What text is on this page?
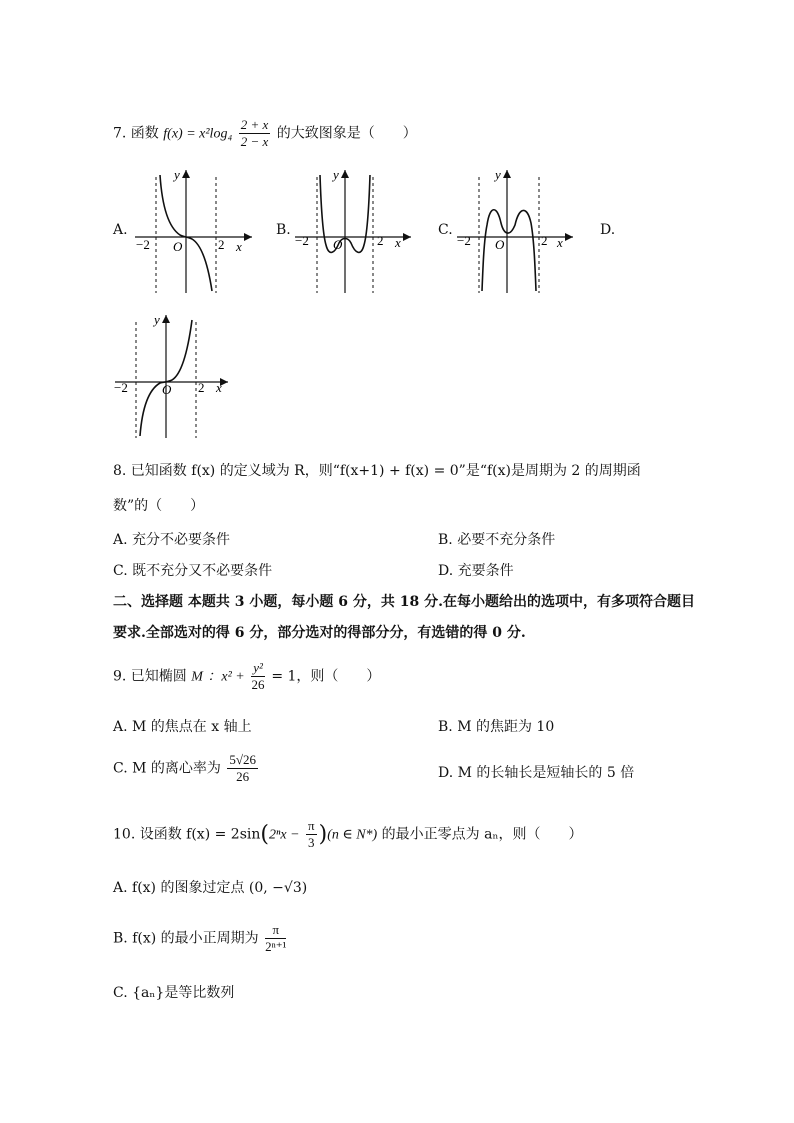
7. 函数 $f(x) = x^2\log_4 \frac{2 + x}{2 - x}$ 的大致图象是（　　）
A.	B.	C.	D.
y
x
O
−2	2
y
x
O
−2	2
y
x
O
−2	2
y
x
O
−2	2
8. 已知函数 f(x) 的定义域为 R，则“f(x+1) + f(x) = 0”是“f(x)是周期为 2 的周期函
数”的（　　）
A. 充分不必要条件	B. 必要不充分条件
C. 既不充分又不必要条件	D. 充要条件
二、选择题 本题共 3 小题，每小题 6 分，共 18 分.在每小题给出的选项中，有多项符合题目
要求.全部选对的得 6 分，部分选对的得部分分，有选错的得 0 分.
9. 已知椭圆 M ：$x^2 + \frac{\text{y²}}{26} = 1$，则（　　）
A. M 的焦点在 x 轴上	B. M 的焦距为 10
C. M 的离心率为 $\frac{5√26}{26}$	D. M 的长轴长是短轴长的 5 倍
10. 设函数 $f(x) = 2\sin(2^nx - \frac{\pi}{3} )(n$ ∈ N*) 的最小正零点为 aₙ，则（　　）
A. f(x) 的图象过定点 (0, −√3)
B. f(x) 的最小正周期为 $\frac{\pi}{\text{2ⁿ⁺¹}}$
C. {aₙ}是等比数列
